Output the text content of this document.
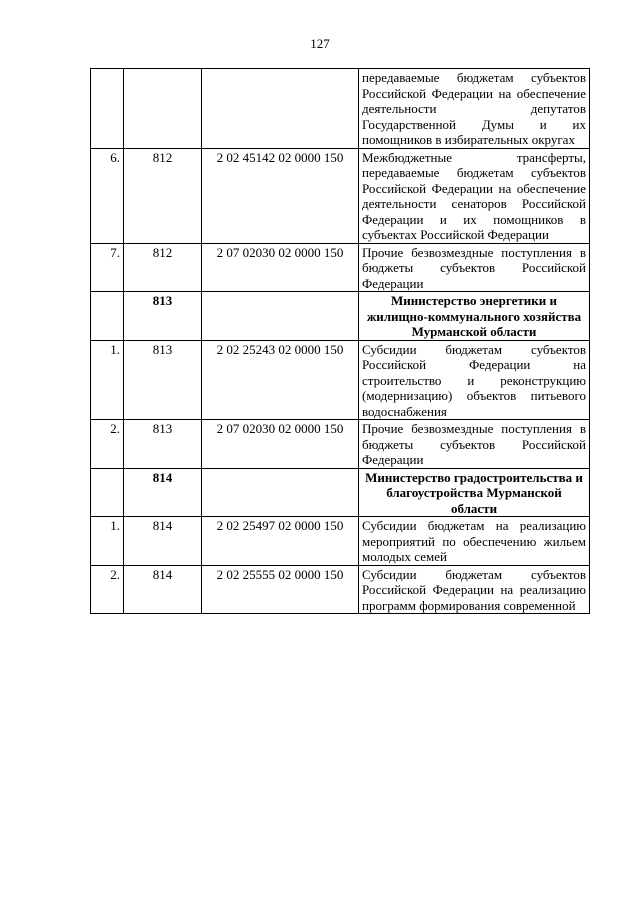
127

			передаваемые бюджетам субъектов Российской Федерации на обеспечение деятельности депутатов Государственной Думы и их помощников в избирательных округах

6.	812	2 02 45142 02 0000 150	Межбюджетные трансферты, передаваемые бюджетам субъектов Российской Федерации на обеспечение деятельности сенаторов Российской Федерации и их помощников в субъектах Российской Федерации

7.	812	2 07 02030 02 0000 150	Прочие безвозмездные поступления в бюджеты субъектов Российской Федерации

	813		Министерство энергетики и жилищно-коммунального хозяйства Мурманской области

1.	813	2 02 25243 02 0000 150	Субсидии бюджетам субъектов Российской Федерации на строительство и реконструкцию (модернизацию) объектов питьевого водоснабжения

2.	813	2 07 02030 02 0000 150	Прочие безвозмездные поступления в бюджеты субъектов Российской Федерации

	814		Министерство градостроительства и благоустройства Мурманской области

1.	814	2 02 25497 02 0000 150	Субсидии бюджетам на реализацию мероприятий по обеспечению жильем молодых семей

2.	814	2 02 25555 02 0000 150	Субсидии бюджетам субъектов Российской Федерации на реализацию программ формирования современной
